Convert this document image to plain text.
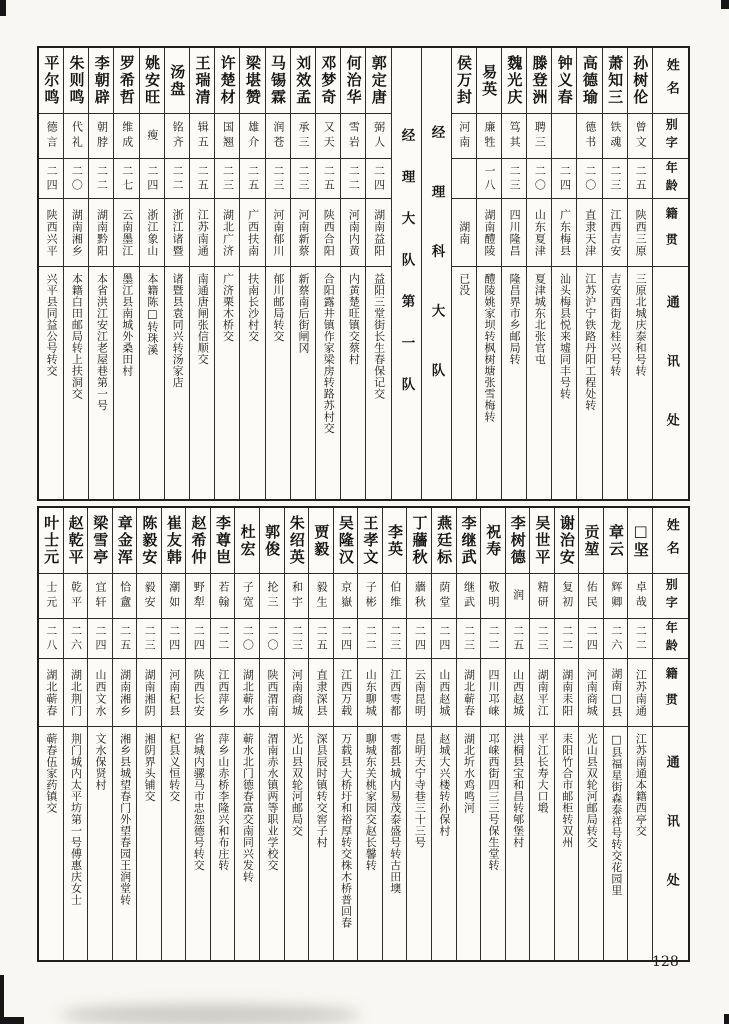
姓名
别字
年龄
籍贯
通讯处
孙树伦
曾文
二五
陕西三原
三原北城庆泰和号转
萧知三
铁魂
二三
江西吉安
吉安西街龙桂兴号转
高德瑜
德书
二〇
直隶天津
江苏沪宁铁路丹阳工程处转
钟义春
二四
广东梅县
汕头梅县悦来墟同丰号转
滕登洲
聘三
二〇
山东夏津
夏津城东北张官屯
魏光庆
笃其
二三
四川隆昌
隆昌界市乡邮局转
易英
廉牲
一八
湖南醴陵
醴陵姚家坝转枫树塘张雪梅转
侯万封
河南
湖南
已没
经理科大队
经理大队第一队
郭定唐
弼人
二四
湖南益阳
益阳三堂街长生春保记交
何治华
雪岩
二二
河南内黄
内黄楚旺镇交蔡村
邓梦奇
又天
二五
陕西合阳
合阳露井镇作家梁房转路苏村交
刘效孟
承三
二三
河南新蔡
新蔡南后街闸冈
马锡霖
润苍
二三
河南郁川
郁川邮局转交
梁堪赞
雄介
二五
广西扶南
扶南长沙村交
许楚材
国翘
二三
湖北广济
广济栗木桥交
王瑞清
辑五
二五
江苏南通
南通唐闸张信顺交
汤盘
铭齐
二二
浙江诸暨
诸暨县袁同兴转汤家店
姚安旺
瘦
二四
浙江象山
本籍陈□转珠溪
罗希哲
维成
二七
云南墨江
墨江县南城外桑田村
李朝辟
朝脖
二二
湖南黔阳
本省洪江安江老屋巷第一号
朱则鸣
代礼
二〇
湖南湘乡
本籍白田邮局转上扶洞交
平尔鸣
德言
二四
陕西兴平
兴平县同益公号转交
姓名
别字
年龄
籍贯
通讯处
□坚
卓哉
二二
江苏南通
江苏南通本籍西亭交
章云
辉卿
二六
湖南□县
□县福星街森泰祥号转交花园里
贡堃
佑民
二四
河南商城
光山县双轮河邮局转交
谢治安
复初
二二
湖南耒阳
耒阳竹合市邮柜转双州
吴世平
精研
二三
湖南平江
平江长寿大口塅
李树德
润
二五
山西赵城
洪桐县宝和昌转郇堡村
祝寿
敬明
二二
四川邛崃
邛崃西街四三三号保生堂转
李继武
继武
二三
湖北蕲春
湖北圻水鸡鸣河
燕廷标
荫堂
二四
山西赵城
赵城大兴楼转孙保村
丁蘠秋
蘠秋
二四
云南昆明
昆明天宁寺巷三十三号
李英
伯维
二三
江西雩都
雩都县城内易茂泰盛号转古田墺
王孝文
子彬
二二
山东聊城
聊城东关桃家园交赵长馨转
吴隆汉
京嶽
二四
江西万载
万载县大桥圩和裕厚转交株木桥普回春
贾毅
毅生
二五
直隶深县
深县辰时镇转交窖子村
朱绍英
和宇
二三
河南商城
光山县双轮河邮局交
郭俊
抡三
二〇
陕西渭南
渭南赤水镇两等职业学校交
杜宏
子宽
二〇
湖北蕲水
蕲水北门德春富交南同兴发转
李尊岜
若翰
二二
江西萍乡
萍乡山赤桥李隆兴和布庄转
赵希仲
野犁
二四
陕西长安
省城内骡马市忠恕德号转交
崔友韩
潮如
二四
河南杞县
杞县义恒转交
陈毅安
毅安
二三
湖南湘阴
湘阴界头铺交
章金浑
恰盦
二五
湖南湘乡
湘乡县城望春门外望春园王润堂转
梁雪亭
宜轩
二四
山西文水
文水保贤村
赵乾平
乾平
二六
湖北荆门
荆门城内太平坊第一号傅惠庆女士
叶士元
士元
二八
湖北蕲春
蕲春伍家药镇交
128
